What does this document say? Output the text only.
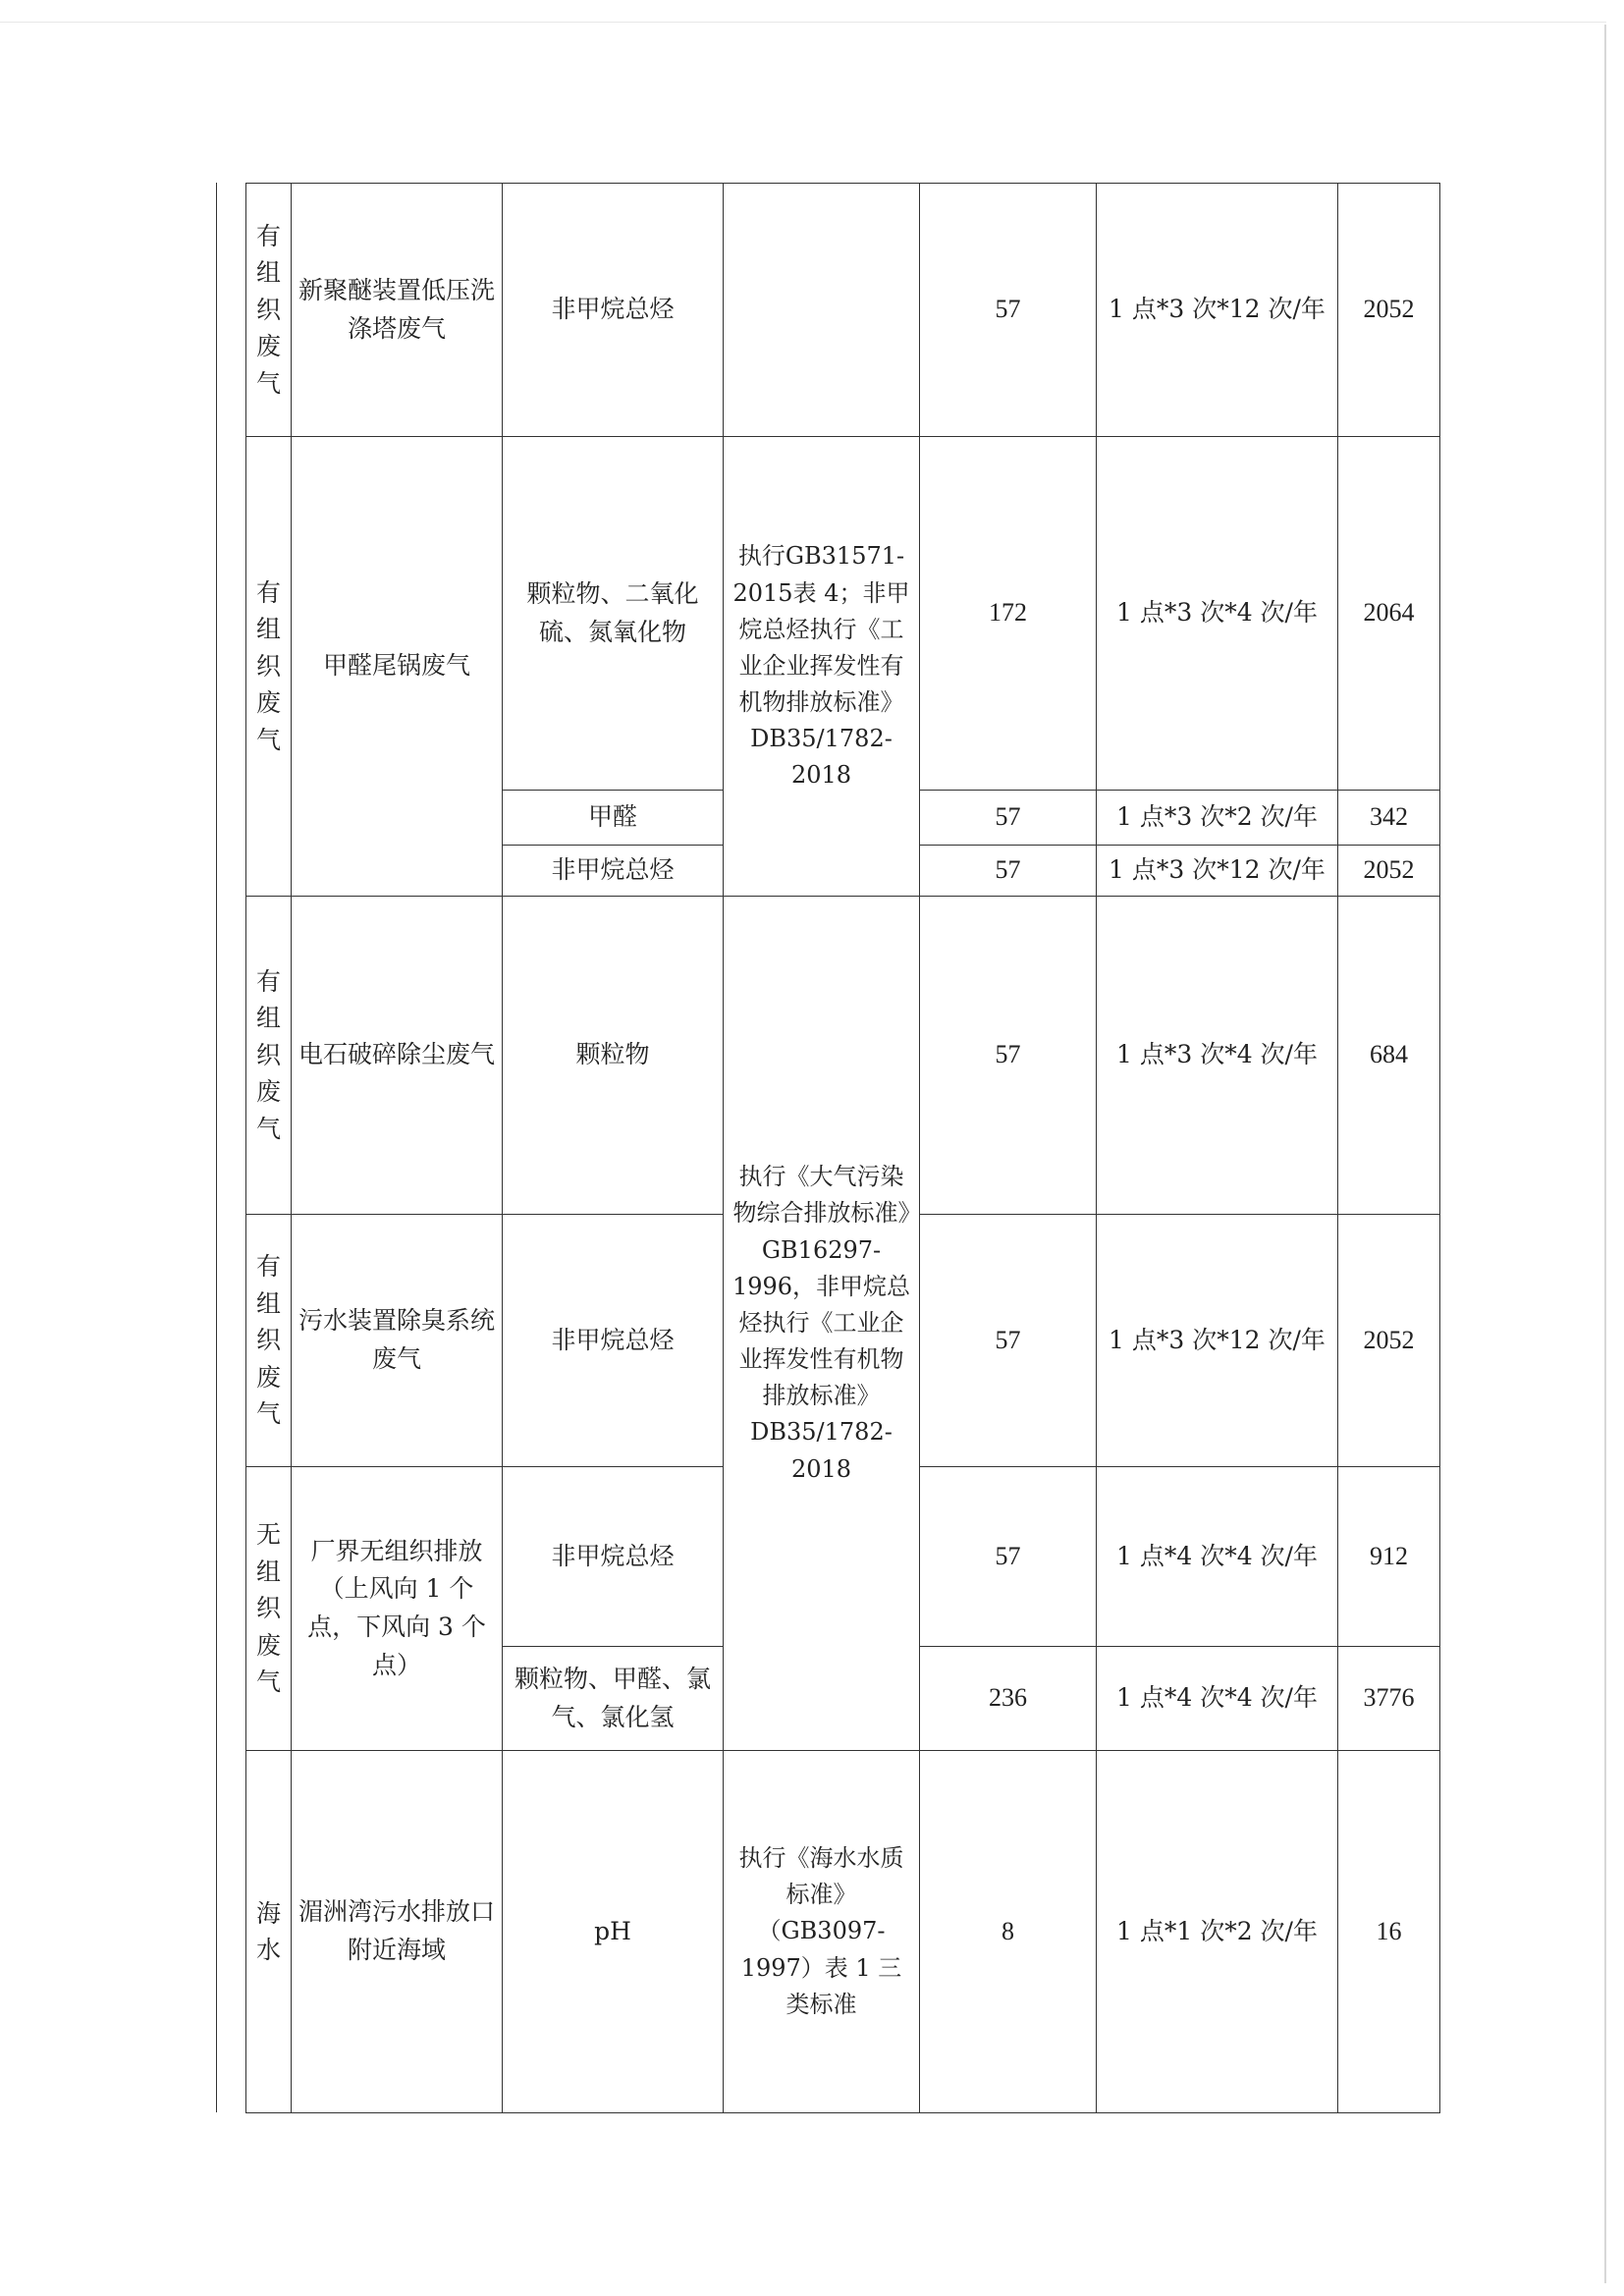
有
组
织
废
气	新聚醚装置低压洗涤塔废气	非甲烷总烃		57	1 点*3 次*12 次/年	2052

有
组
织
废
气	甲醛尾锅废气	颗粒物、二氧化硫、氮氧化物	执行GB31571-2015表 4；非甲烷总烃执行《工业企业挥发性有机物排放标准》DB35/1782-2018	172	1 点*3 次*4 次/年	2064
		甲醛		57	1 点*3 次*2 次/年	342
		非甲烷总烃		57	1 点*3 次*12 次/年	2052

有
组
织
废
气	电石破碎除尘废气	颗粒物	执行《大气污染物综合排放标准》GB16297-1996，非甲烷总烃执行《工业企业挥发性有机物排放标准》DB35/1782-2018	57	1 点*3 次*4 次/年	684

有
组
织
废
气	污水装置除臭系统废气	非甲烷总烃		57	1 点*3 次*12 次/年	2052

无
组
织
废
气	厂界无组织排放（上风向 1 个点，下风向 3 个点）	非甲烷总烃		57	1 点*4 次*4 次/年	912
		颗粒物、甲醛、氯气、氯化氢		236	1 点*4 次*4 次/年	3776

海
水	湄洲湾污水排放口附近海域	pH	执行《海水水质标准》（GB3097-1997）表 1 三类标准	8	1 点*1 次*2 次/年	16
